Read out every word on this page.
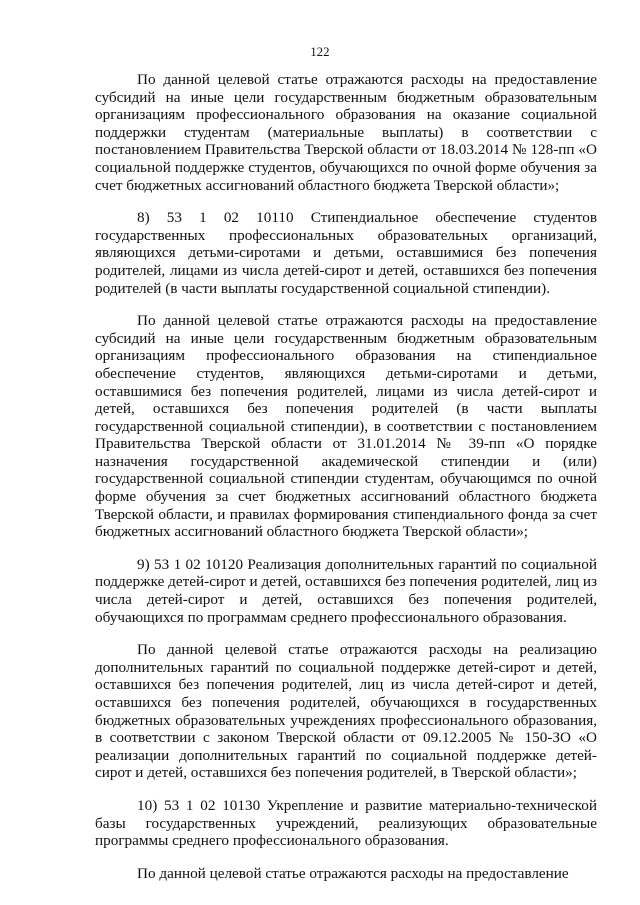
122

По данной целевой статье отражаются расходы на предоставление субсидий на иные цели государственным бюджетным образовательным организациям профессионального образования на оказание социальной поддержки студентам (материальные выплаты) в соответствии с постановлением Правительства Тверской области от 18.03.2014 № 128-пп «О социальной поддержке студентов, обучающихся по очной форме обучения за счет бюджетных ассигнований областного бюджета Тверской области»;

8) 53 1 02 10110 Стипендиальное обеспечение студентов государственных профессиональных образовательных организаций, являющихся детьми-сиротами и детьми, оставшимися без попечения родителей, лицами из числа детей-сирот и детей, оставшихся без попечения родителей (в части выплаты государственной социальной стипендии).

По данной целевой статье отражаются расходы на предоставление субсидий на иные цели государственным бюджетным образовательным организациям профессионального образования на стипендиальное обеспечение студентов, являющихся детьми-сиротами и детьми, оставшимися без попечения родителей, лицами из числа детей-сирот и детей, оставшихся без попечения родителей (в части выплаты государственной социальной стипендии), в соответствии с постановлением Правительства Тверской области от 31.01.2014 № 39-пп «О порядке назначения государственной академической стипендии и (или) государственной социальной стипендии студентам, обучающимся по очной форме обучения за счет бюджетных ассигнований областного бюджета Тверской области, и правилах формирования стипендиального фонда за счет бюджетных ассигнований областного бюджета Тверской области»;

9) 53 1 02 10120 Реализация дополнительных гарантий по социальной поддержке детей-сирот и детей, оставшихся без попечения родителей, лиц из числа детей-сирот и детей, оставшихся без попечения родителей, обучающихся по программам среднего профессионального образования.

По данной целевой статье отражаются расходы на реализацию дополнительных гарантий по социальной поддержке детей-сирот и детей, оставшихся без попечения родителей, лиц из числа детей-сирот и детей, оставшихся без попечения родителей, обучающихся в государственных бюджетных образовательных учреждениях профессионального образования, в соответствии с законом Тверской области от 09.12.2005 № 150-ЗО «О реализации дополнительных гарантий по социальной поддержке детей-сирот и детей, оставшихся без попечения родителей, в Тверской области»;

10) 53 1 02 10130 Укрепление и развитие материально-технической базы государственных учреждений, реализующих образовательные программы среднего профессионального образования.

По данной целевой статье отражаются расходы на предоставление
